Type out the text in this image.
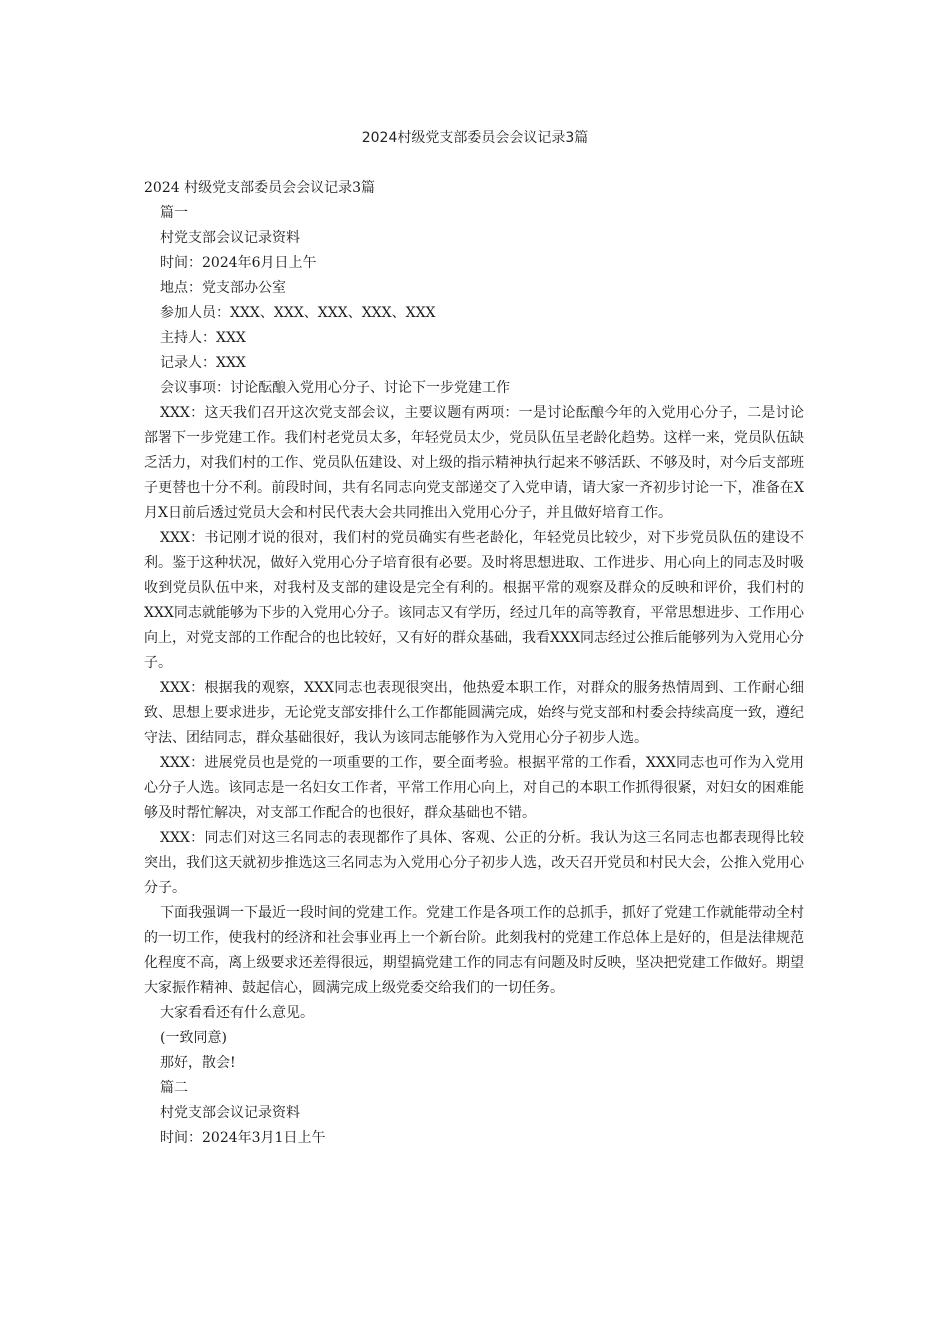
2024村级党支部委员会会议记录3篇

2024 村级党支部委员会会议记录3篇

篇一

村党支部会议记录资料

时间：2024年6月日上午

地点：党支部办公室

参加人员：XXX、XXX、XXX、XXX、XXX

主持人：XXX

记录人：XXX

会议事项：讨论酝酿入党用心分子、讨论下一步党建工作

XXX：这天我们召开这次党支部会议，主要议题有两项：一是讨论酝酿今年的入党用心分子，二是讨论部署下一步党建工作。我们村老党员太多，年轻党员太少，党员队伍呈老龄化趋势。这样一来，党员队伍缺乏活力，对我们村的工作、党员队伍建设、对上级的指示精神执行起来不够活跃、不够及时，对今后支部班子更替也十分不利。前段时间，共有名同志向党支部递交了入党申请，请大家一齐初步讨论一下，准备在X月X日前后透过党员大会和村民代表大会共同推出入党用心分子，并且做好培育工作。

XXX：书记刚才说的很对，我们村的党员确实有些老龄化，年轻党员比较少，对下步党员队伍的建设不利。鉴于这种状况，做好入党用心分子培育很有必要。及时将思想进取、工作进步、用心向上的同志及时吸收到党员队伍中来，对我村及支部的建设是完全有利的。根据平常的观察及群众的反映和评价，我们村的XXX同志就能够为下步的入党用心分子。该同志又有学历，经过几年的高等教育，平常思想进步、工作用心向上，对党支部的工作配合的也比较好，又有好的群众基础，我看XXX同志经过公推后能够列为入党用心分子。

XXX：根据我的观察，XXX同志也表现很突出，他热爱本职工作，对群众的服务热情周到、工作耐心细致、思想上要求进步，无论党支部安排什么工作都能圆满完成，始终与党支部和村委会持续高度一致，遵纪守法、团结同志，群众基础很好，我认为该同志能够作为入党用心分子初步人选。

XXX：进展党员也是党的一项重要的工作，要全面考验。根据平常的工作看，XXX同志也可作为入党用心分子人选。该同志是一名妇女工作者，平常工作用心向上，对自己的本职工作抓得很紧，对妇女的困难能够及时帮忙解决，对支部工作配合的也很好，群众基础也不错。

XXX：同志们对这三名同志的表现都作了具体、客观、公正的分析。我认为这三名同志也都表现得比较突出，我们这天就初步推选这三名同志为入党用心分子初步人选，改天召开党员和村民大会，公推入党用心分子。

下面我强调一下最近一段时间的党建工作。党建工作是各项工作的总抓手，抓好了党建工作就能带动全村的一切工作，使我村的经济和社会事业再上一个新台阶。此刻我村的党建工作总体上是好的，但是法律规范化程度不高，离上级要求还差得很远，期望搞党建工作的同志有问题及时反映，坚决把党建工作做好。期望大家振作精神、鼓起信心，圆满完成上级党委交给我们的一切任务。

大家看看还有什么意见。

(一致同意)

那好，散会!

篇二

村党支部会议记录资料

时间：2024年3月1日上午
